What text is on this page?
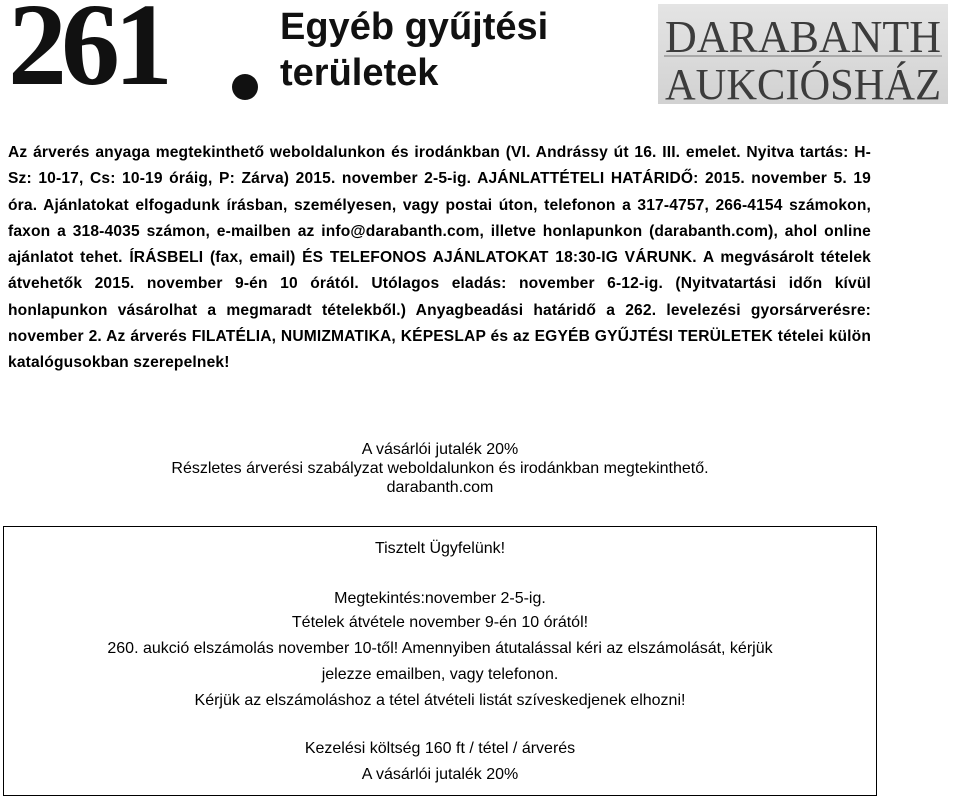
261	Egyéb gyűjtési
területek
DARABANTH
AUKCIÓSHÁZ
Az árverés anyaga megtekinthető weboldalunkon és irodánkban (VI. Andrássy út 16. III. emelet. Nyitva tartás: H-Sz: 10-17, Cs: 10-19 óráig, P: Zárva) 2015. november 2-5-ig. AJÁNLATTÉTELI HATÁRIDŐ: 2015. november 5. 19 óra. Ajánlatokat elfogadunk írásban, személyesen, vagy postai úton, telefonon a 317-4757, 266-4154 számokon, faxon a 318-4035 számon, e-mailben az info@darabanth.com, illetve honlapunkon (darabanth.com), ahol online ajánlatot tehet. ÍRÁSBELI (fax, email) ÉS TELEFONOS AJÁNLATOKAT 18:30-IG VÁRUNK. A megvásárolt tételek átvehetők 2015. november 9-én 10 órától. Utólagos eladás: november 6-12-ig. (Nyitvatartási időn kívül honlapunkon vásárolhat a megmaradt tételekből.) Anyagbeadási határidő a 262. levelezési gyorsárverésre: november 2. Az árverés FILATÉLIA, NUMIZMATIKA, KÉPESLAP és az EGYÉB GYŰJTÉSI TERÜLETEK tételei külön katalógusokban szerepelnek!
A vásárlói jutalék 20%
Részletes árverési szabályzat weboldalunkon és irodánkban megtekinthető.
darabanth.com
Tisztelt Ügyfelünk!
Megtekintés:november 2-5-ig.
Tételek átvétele november 9-én 10 órától!
260. aukció elszámolás november 10-től! Amennyiben átutalással kéri az elszámolását, kérjük
jelezze emailben, vagy telefonon.
Kérjük az elszámoláshoz a tétel átvételi listát szíveskedjenek elhozni!
Kezelési költség 160 ft / tétel / árverés
A vásárlói jutalék 20%
